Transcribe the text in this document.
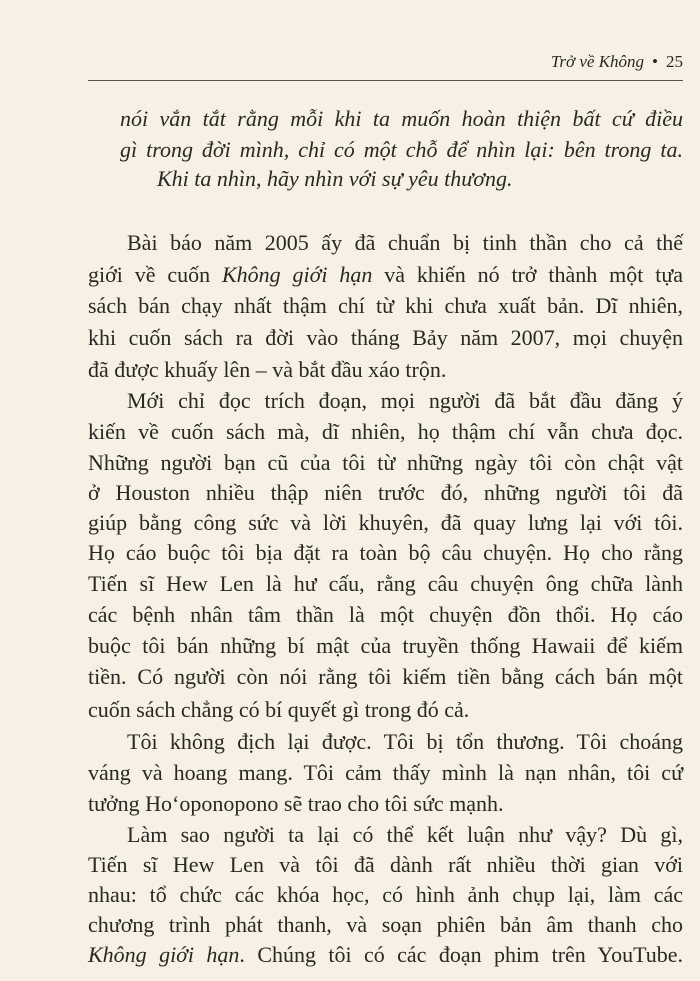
Trở về Không • 25
nói vắn tắt rằng mỗi khi ta muốn hoàn thiện bất cứ điều
gì trong đời mình, chỉ có một chỗ để nhìn lại: bên trong ta.
Khi ta nhìn, hãy nhìn với sự yêu thương.
Bài báo năm 2005 ấy đã chuẩn bị tinh thần cho cả thế
giới về cuốn Không giới hạn và khiến nó trở thành một tựa
sách bán chạy nhất thậm chí từ khi chưa xuất bản. Dĩ nhiên,
khi cuốn sách ra đời vào tháng Bảy năm 2007, mọi chuyện
đã được khuấy lên – và bắt đầu xáo trộn.
Mới chỉ đọc trích đoạn, mọi người đã bắt đầu đăng ý
kiến về cuốn sách mà, dĩ nhiên, họ thậm chí vẫn chưa đọc.
Những người bạn cũ của tôi từ những ngày tôi còn chật vật
ở Houston nhiều thập niên trước đó, những người tôi đã
giúp bằng công sức và lời khuyên, đã quay lưng lại với tôi.
Họ cáo buộc tôi bịa đặt ra toàn bộ câu chuyện. Họ cho rằng
Tiến sĩ Hew Len là hư cấu, rằng câu chuyện ông chữa lành
các bệnh nhân tâm thần là một chuyện đồn thổi. Họ cáo
buộc tôi bán những bí mật của truyền thống Hawaii để kiếm
tiền. Có người còn nói rằng tôi kiếm tiền bằng cách bán một
cuốn sách chẳng có bí quyết gì trong đó cả.
Tôi không địch lại được. Tôi bị tổn thương. Tôi choáng
váng và hoang mang. Tôi cảm thấy mình là nạn nhân, tôi cứ
tưởng Hoʻoponopono sẽ trao cho tôi sức mạnh.
Làm sao người ta lại có thể kết luận như vậy? Dù gì,
Tiến sĩ Hew Len và tôi đã dành rất nhiều thời gian với
nhau: tổ chức các khóa học, có hình ảnh chụp lại, làm các
chương trình phát thanh, và soạn phiên bản âm thanh cho
Không giới hạn. Chúng tôi có các đoạn phim trên YouTube.
